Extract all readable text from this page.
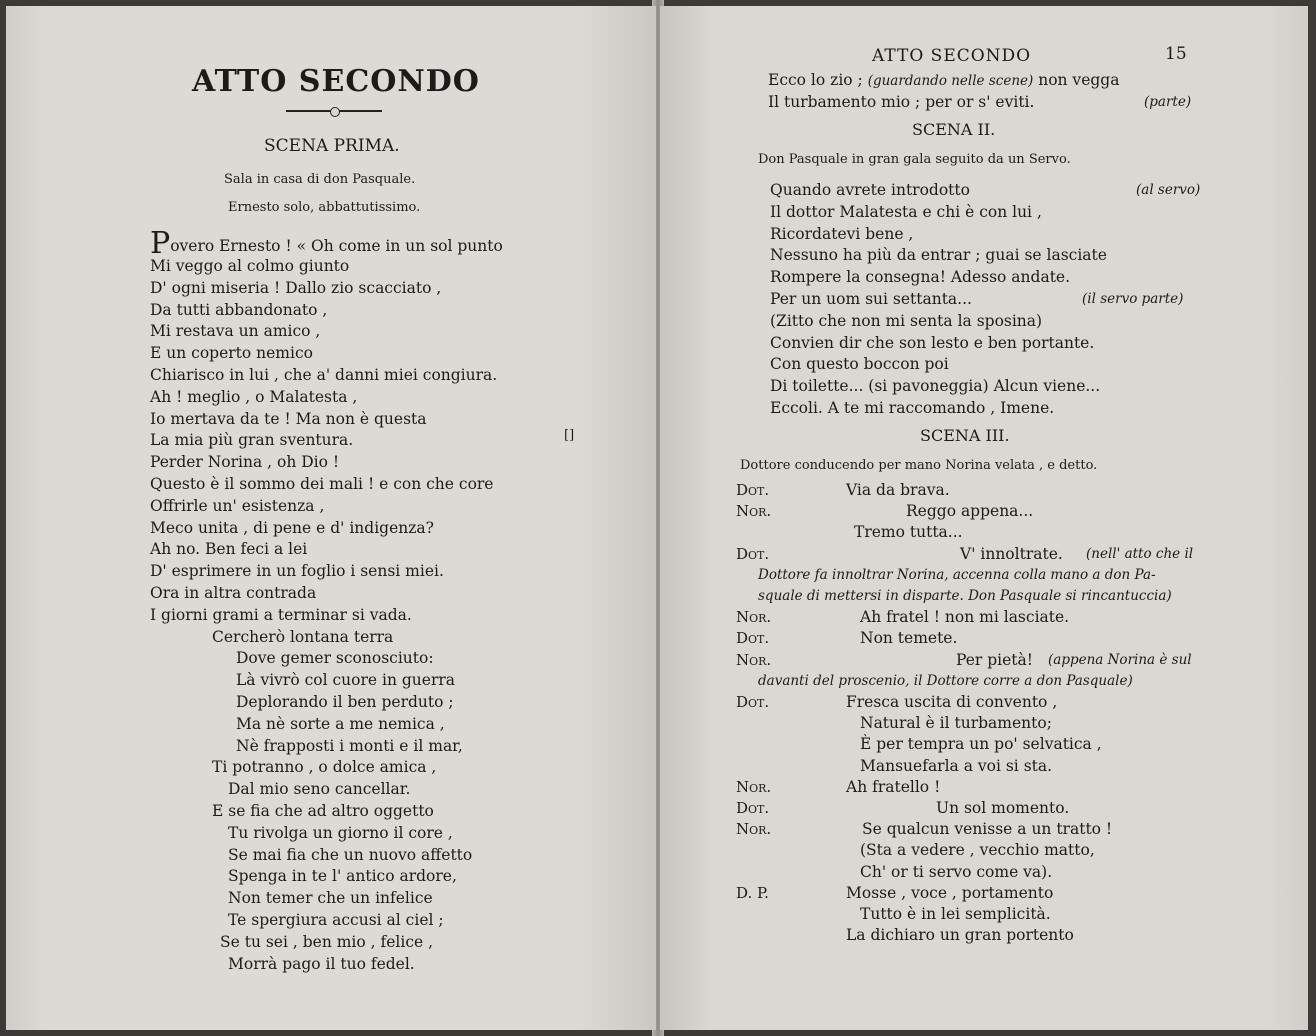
ATTO SECONDO
SCENA PRIMA.
Sala in casa di don Pasquale.
Ernesto solo, abbattutissimo.
Povero Ernesto ! « Oh come in un sol punto
[]
Mi veggo al colmo giunto
D' ogni miseria ! Dallo zio scacciato ,
Da tutti abbandonato ,
Mi restava un amico ,
E un coperto nemico
Chiarisco in lui , che a' danni miei congiura.
Ah ! meglio , o Malatesta ,
Io mertava da te ! Ma non è questa
La mia più gran sventura.
Perder Norina , oh Dio !
Questo è il sommo dei mali ! e con che core
Offrirle un' esistenza ,
Meco unita , di pene e d' indigenza?
Ah no. Ben feci a lei
D' esprimere in un foglio i sensi miei.
Ora in altra contrada
I giorni grami a terminar si vada.
Cercherò lontana terra
Dove gemer sconosciuto:
Là vivrò col cuore in guerra
Deplorando il ben perduto ;
Ma nè sorte a me nemica ,
Nè frapposti i monti e il mar,
Ti potranno , o dolce amica ,
Dal mio seno cancellar.
E se fia che ad altro oggetto
Tu rivolga un giorno il core ,
Se mai fia che un nuovo affetto
Spenga in te l' antico ardore,
Non temer che un infelice
Te spergiura accusi al ciel ;
Se tu sei , ben mio , felice ,
Morrà pago il tuo fedel.
ATTO SECONDO	15
Ecco lo zio ; (guardando nelle scene) non vegga
Il turbamento mio ; per or s' eviti.	(parte)
SCENA II.
Don Pasquale in gran gala seguito da un Servo.
Quando avrete introdotto	(al servo)
Il dottor Malatesta e chi è con lui ,
Ricordatevi bene ,
Nessuno ha più da entrar ; guai se lasciate
Rompere la consegna! Adesso andate.
Per un uom sui settanta...	(il servo parte)
(Zitto che non mi senta la sposina)
Convien dir che son lesto e ben portante.
Con questo boccon poi
Di toilette... (si pavoneggia) Alcun viene...
Eccoli. A te mi raccomando , Imene.
SCENA III.
Dottore conducendo per mano Norina velata , e detto.
Dot.	Via da brava.
Nor.	Reggo appena...
Tremo tutta...
Dot.	V' innoltrate. (nell' atto che il
Dottore fa innoltrar Norina, accenna colla mano a don Pa-
squale di mettersi in disparte. Don Pasquale si rincantuccia)
Nor.	Ah fratel ! non mi lasciate.
Dot.	Non temete.
Nor.	Per pietà! (appena Norina è sul
davanti del proscenio, il Dottore corre a don Pasquale)
Dot.	Fresca uscita di convento ,
Natural è il turbamento;
È per tempra un po' selvatica ,
Mansuefarla a voi si sta.
Nor.	Ah fratello !
Dot.	Un sol momento.
Nor.	Se qualcun venisse a un tratto !
(Sta a vedere , vecchio matto,
Ch' or ti servo come va).
D. P.	Mosse , voce , portamento
Tutto è in lei semplicità.
La dichiaro un gran portento
